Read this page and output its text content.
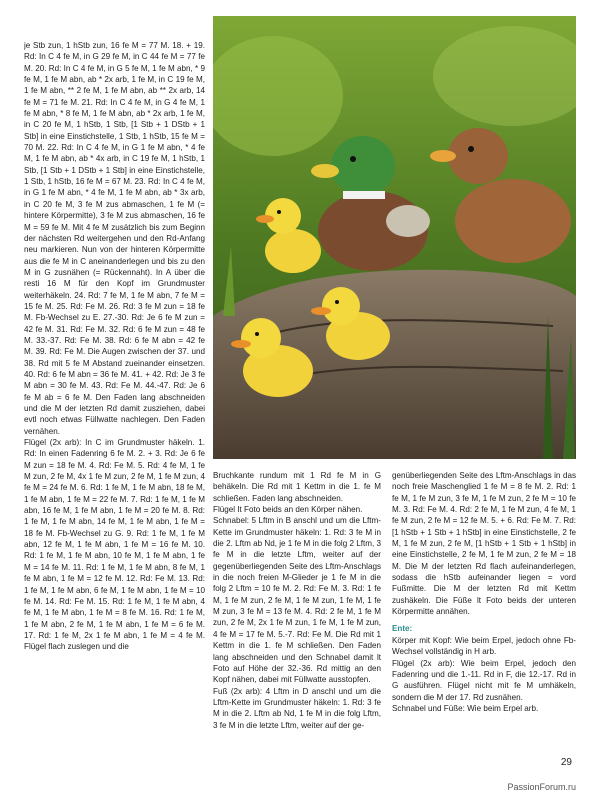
je Stb zun, 1 hStb zun, 16 fe M = 77 M. 18. + 19. Rd: In C 4 fe M, in G 29 fe M, in C 44 fe M = 77 fe M. 20. Rd: In C 4 fe M, in G 5 fe M, 1 fe M abn, * 9 fe M, 1 fe M abn, ab * 2x arb, 1 fe M, in C 19 fe M, 1 fe M abn, ** 2 fe M, 1 fe M abn, ab ** 2x arb, 14 fe M = 71 fe M. 21. Rd: In C 4 fe M, in G 4 fe M, 1 fe M abn, * 8 fe M, 1 fe M abn, ab * 2x arb, 1 fe M, in C 20 fe M, 1 hStb, 1 Stb, [1 Stb + 1 DStb + 1 Stb] in eine Einstichstelle, 1 Stb, 1 hStb, 15 fe M = 70 M. 22. Rd: In C 4 fe M, in G 1 fe M abn, * 4 fe M, 1 fe M abn, ab * 4x arb, in C 19 fe M, 1 hStb, 1 Stb, [1 Stb + 1 DStb + 1 Stb] in eine Einstichstelle, 1 Stb, 1 hStb, 16 fe M = 67 M. 23. Rd: In C 4 fe M, in G 1 fe M abn, * 4 fe M, 1 fe M abn, ab * 3x arb, in C 20 fe M, 3 fe M zus abmaschen, 1 fe M (= hintere Körpermitte), 3 fe M zus abmaschen, 16 fe M = 59 fe M. Mit 4 fe M zusätzlich bis zum Beginn der nächsten Rd weitergehen und den Rd-Anfang neu markieren. Nun von der hinteren Körpermitte aus die fe M in C aneinanderlegen und bis zu den M in G zusnähen (= Rückennaht). In A über die resti 16 M für den Kopf im Grundmuster weiterhäkeln. 24. Rd: 7 fe M, 1 fe M abn, 7 fe M = 15 fe M. 25. Rd: Fe M. 26. Rd: 3 fe M zun = 18 fe M. Fb-Wechsel zu E. 27.-30. Rd: Je 6 fe M zun = 42 fe M. 31. Rd: Fe M. 32. Rd: 6 fe M zun = 48 fe M. 33.-37. Rd: Fe M. 38. Rd: 6 fe M abn = 42 fe M. 39. Rd: Fe M. Die Augen zwischen der 37. und 38. Rd mit 5 fe M Abstand zueinander einsetzen. 40. Rd: 6 fe M abn = 36 fe M. 41. + 42. Rd: Je 3 fe M abn = 30 fe M. 43. Rd: Fe M. 44.-47. Rd: Je 6 fe M ab = 6 fe M. Den Faden lang abschneiden und die M der letzten Rd damit zusziehen, dabei evtl noch etwas Füllwatte nachlegen. Den Faden vernähen.

Flügel (2x arb): In C im Grundmuster häkeln. 1. Rd: In einen Fadenring 6 fe M. 2. + 3. Rd: Je 6 fe M zun = 18 fe M. 4. Rd: Fe M. 5. Rd: 4 fe M, 1 fe M zun, 2 fe M, 4x 1 fe M zun, 2 fe M, 1 fe M zun, 4 fe M = 24 fe M. 6. Rd: 1 fe M, 1 fe M abn, 18 fe M, 1 fe M abn, 1 fe M = 22 fe M. 7. Rd: 1 fe M, 1 fe M abn, 16 fe M, 1 fe M abn, 1 fe M = 20 fe M. 8. Rd: 1 fe M, 1 fe M abn, 14 fe M, 1 fe M abn, 1 fe M = 18 fe M. Fb-Wechsel zu G. 9. Rd: 1 fe M, 1 fe M abn, 12 fe M, 1 fe M abn, 1 fe M = 16 fe M. 10. Rd: 1 fe M, 1 fe M abn, 10 fe M, 1 fe M abn, 1 fe M = 14 fe M. 11. Rd: 1 fe M, 1 fe M abn, 8 fe M, 1 fe M abn, 1 fe M = 12 fe M. 12. Rd: Fe M. 13. Rd: 1 fe M, 1 fe M abn, 6 fe M, 1 fe M abn, 1 fe M = 10 fe M. 14. Rd: Fe M. 15. Rd: 1 fe M, 1 fe M abn, 4 fe M, 1 fe M abn, 1 fe M = 8 fe M. 16. Rd: 1 fe M, 1 fe M abn, 2 fe M, 1 fe M abn, 1 fe M = 6 fe M. 17. Rd: 1 fe M, 2x 1 fe M abn, 1 fe M = 4 fe M. Flügel flach zuslegen und die

Bruchkante rundum mit 1 Rd fe M in G behäkeln. Die Rd mit 1 Kettm in die 1. fe M schließen. Faden lang abschneiden.

Flügel It Foto beids an den Körper nähen.

Schnabel: 5 Lftm in B anschl und um die Lftm-Kette im Grundmuster häkeln: 1. Rd: 3 fe M in die 2. Lftm ab Nd, je 1 fe M in die folg 2 Lftm, 3 fe M in die letzte Lftm, weiter auf der gegenüberliegenden Seite des Lftm-Anschlags in die noch freien M-Glieder je 1 fe M in die folg 2 Lftm = 10 fe M. 2. Rd: Fe M. 3. Rd: 1 fe M, 1 fe M zun, 2 fe M, 1 fe M zun, 1 fe M, 1 fe M zun, 3 fe M = 13 fe M. 4. Rd: 2 fe M, 1 fe M zun, 2 fe M, 2x 1 fe M zun, 1 fe M, 1 fe M zun, 4 fe M = 17 fe M. 5.-7. Rd: Fe M. Die Rd mit 1 Kettm in die 1. fe M schließen. Den Faden lang abschneiden und den Schnabel damit lt Foto auf Höhe der 32.-36. Rd mittig an den Kopf nähen, dabei mit Füllwatte ausstopfen.

Fuß (2x arb): 4 Lftm in D anschl und um die Lftm-Kette im Grundmuster häkeln: 1. Rd: 3 fe M in die 2. Lftm ab Nd, 1 fe M in die folg Lftm, 3 fe M in die letzte Lftm, weiter auf der ge-

genüberliegenden Seite des Lftm-Anschlags in das noch freie Maschenglied 1 fe M = 8 fe M. 2. Rd: 1 fe M, 1 fe M zun, 3 fe M, 1 fe M zun, 2 fe M = 10 fe M. 3. Rd: Fe M. 4. Rd: 2 fe M, 1 fe M zun, 4 fe M, 1 fe M zun, 2 fe M = 12 fe M. 5. + 6. Rd: Fe M. 7. Rd: [1 hStb + 1 Stb + 1 hStb] in eine Einstichstelle, 2 fe M, 1 fe M zun, 2 fe M, [1 hStb + 1 Stb + 1 hStb] in eine Einstichstelle, 2 fe M, 1 fe M zun, 2 fe M = 18 M. Die M der letzten Rd flach aufeinanderlegen, sodass die hStb aufeinander liegen = vord Fußmitte. Die M der letzten Rd mit Kettm zushäkeln. Die Füße lt Foto beids der unteren Körpermitte annähen.

Ente:

Körper mit Kopf: Wie beim Erpel, jedoch ohne Fb-Wechsel vollständig in H arb.

Flügel (2x arb): Wie beim Erpel, jedoch den Fadenring und die 1.-11. Rd in F, die 12.-17. Rd in G ausführen. Flügel nicht mit fe M umhäkeln, sondern die M der 17. Rd zusnähen.

Schnabel und Füße: Wie beim Erpel arb.

29
PassionForum.ru
